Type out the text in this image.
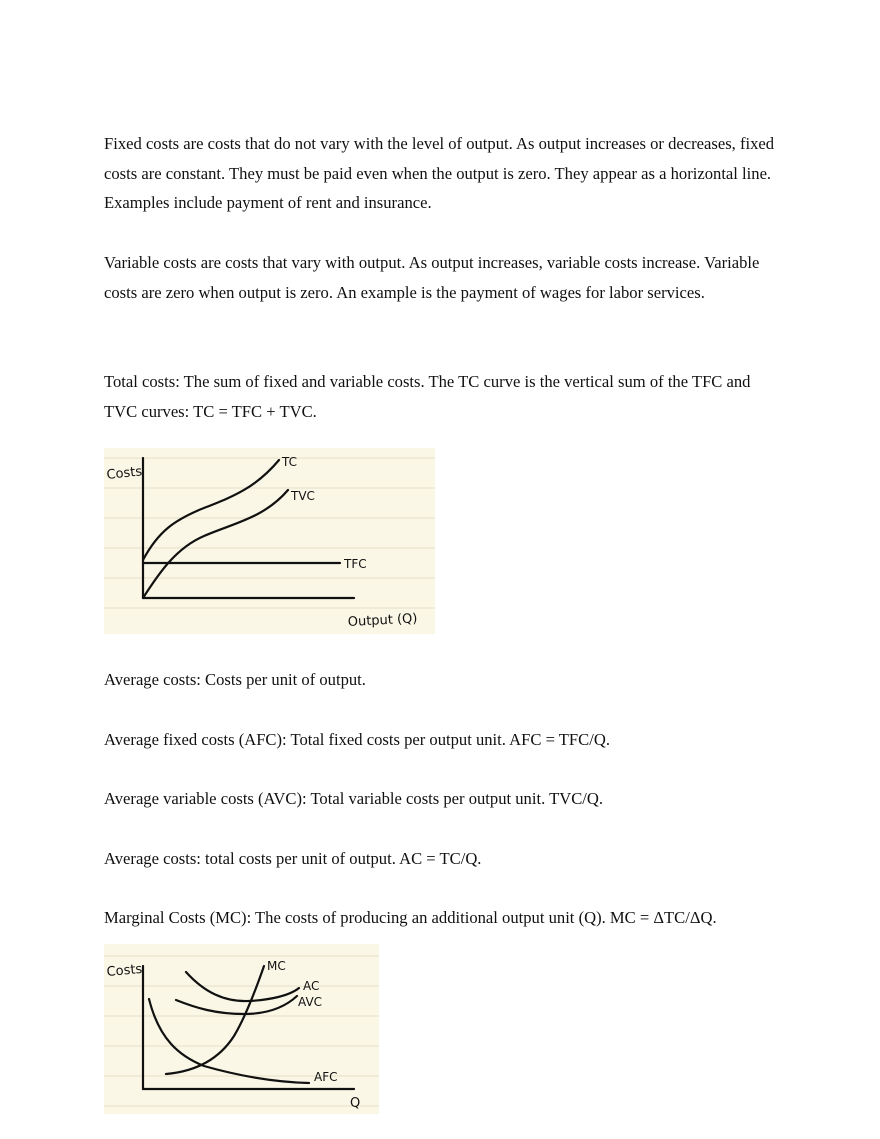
Fixed costs are costs that do not vary with the level of output. As output increases or decreases, fixed costs are constant. They must be paid even when the output is zero. They appear as a horizontal line. Examples include payment of rent and insurance.

Variable costs are costs that vary with output. As output increases, variable costs increase. Variable costs are zero when output is zero. An example is the payment of wages for labor services.

Total costs: The sum of fixed and variable costs. The TC curve is the vertical sum of the TFC and TVC curves: TC = TFC + TVC.

Costs
Output (Q)
TC
TVC
TFC

Average costs: Costs per unit of output.

Average fixed costs (AFC): Total fixed costs per output unit. AFC = TFC/Q.

Average variable costs (AVC): Total variable costs per output unit. TVC/Q.

Average costs: total costs per unit of output. AC = TC/Q.

Marginal Costs (MC): The costs of producing an additional output unit (Q). MC = ΔTC/ΔQ.

Costs
Q
MC
AC
AVC
AFC
